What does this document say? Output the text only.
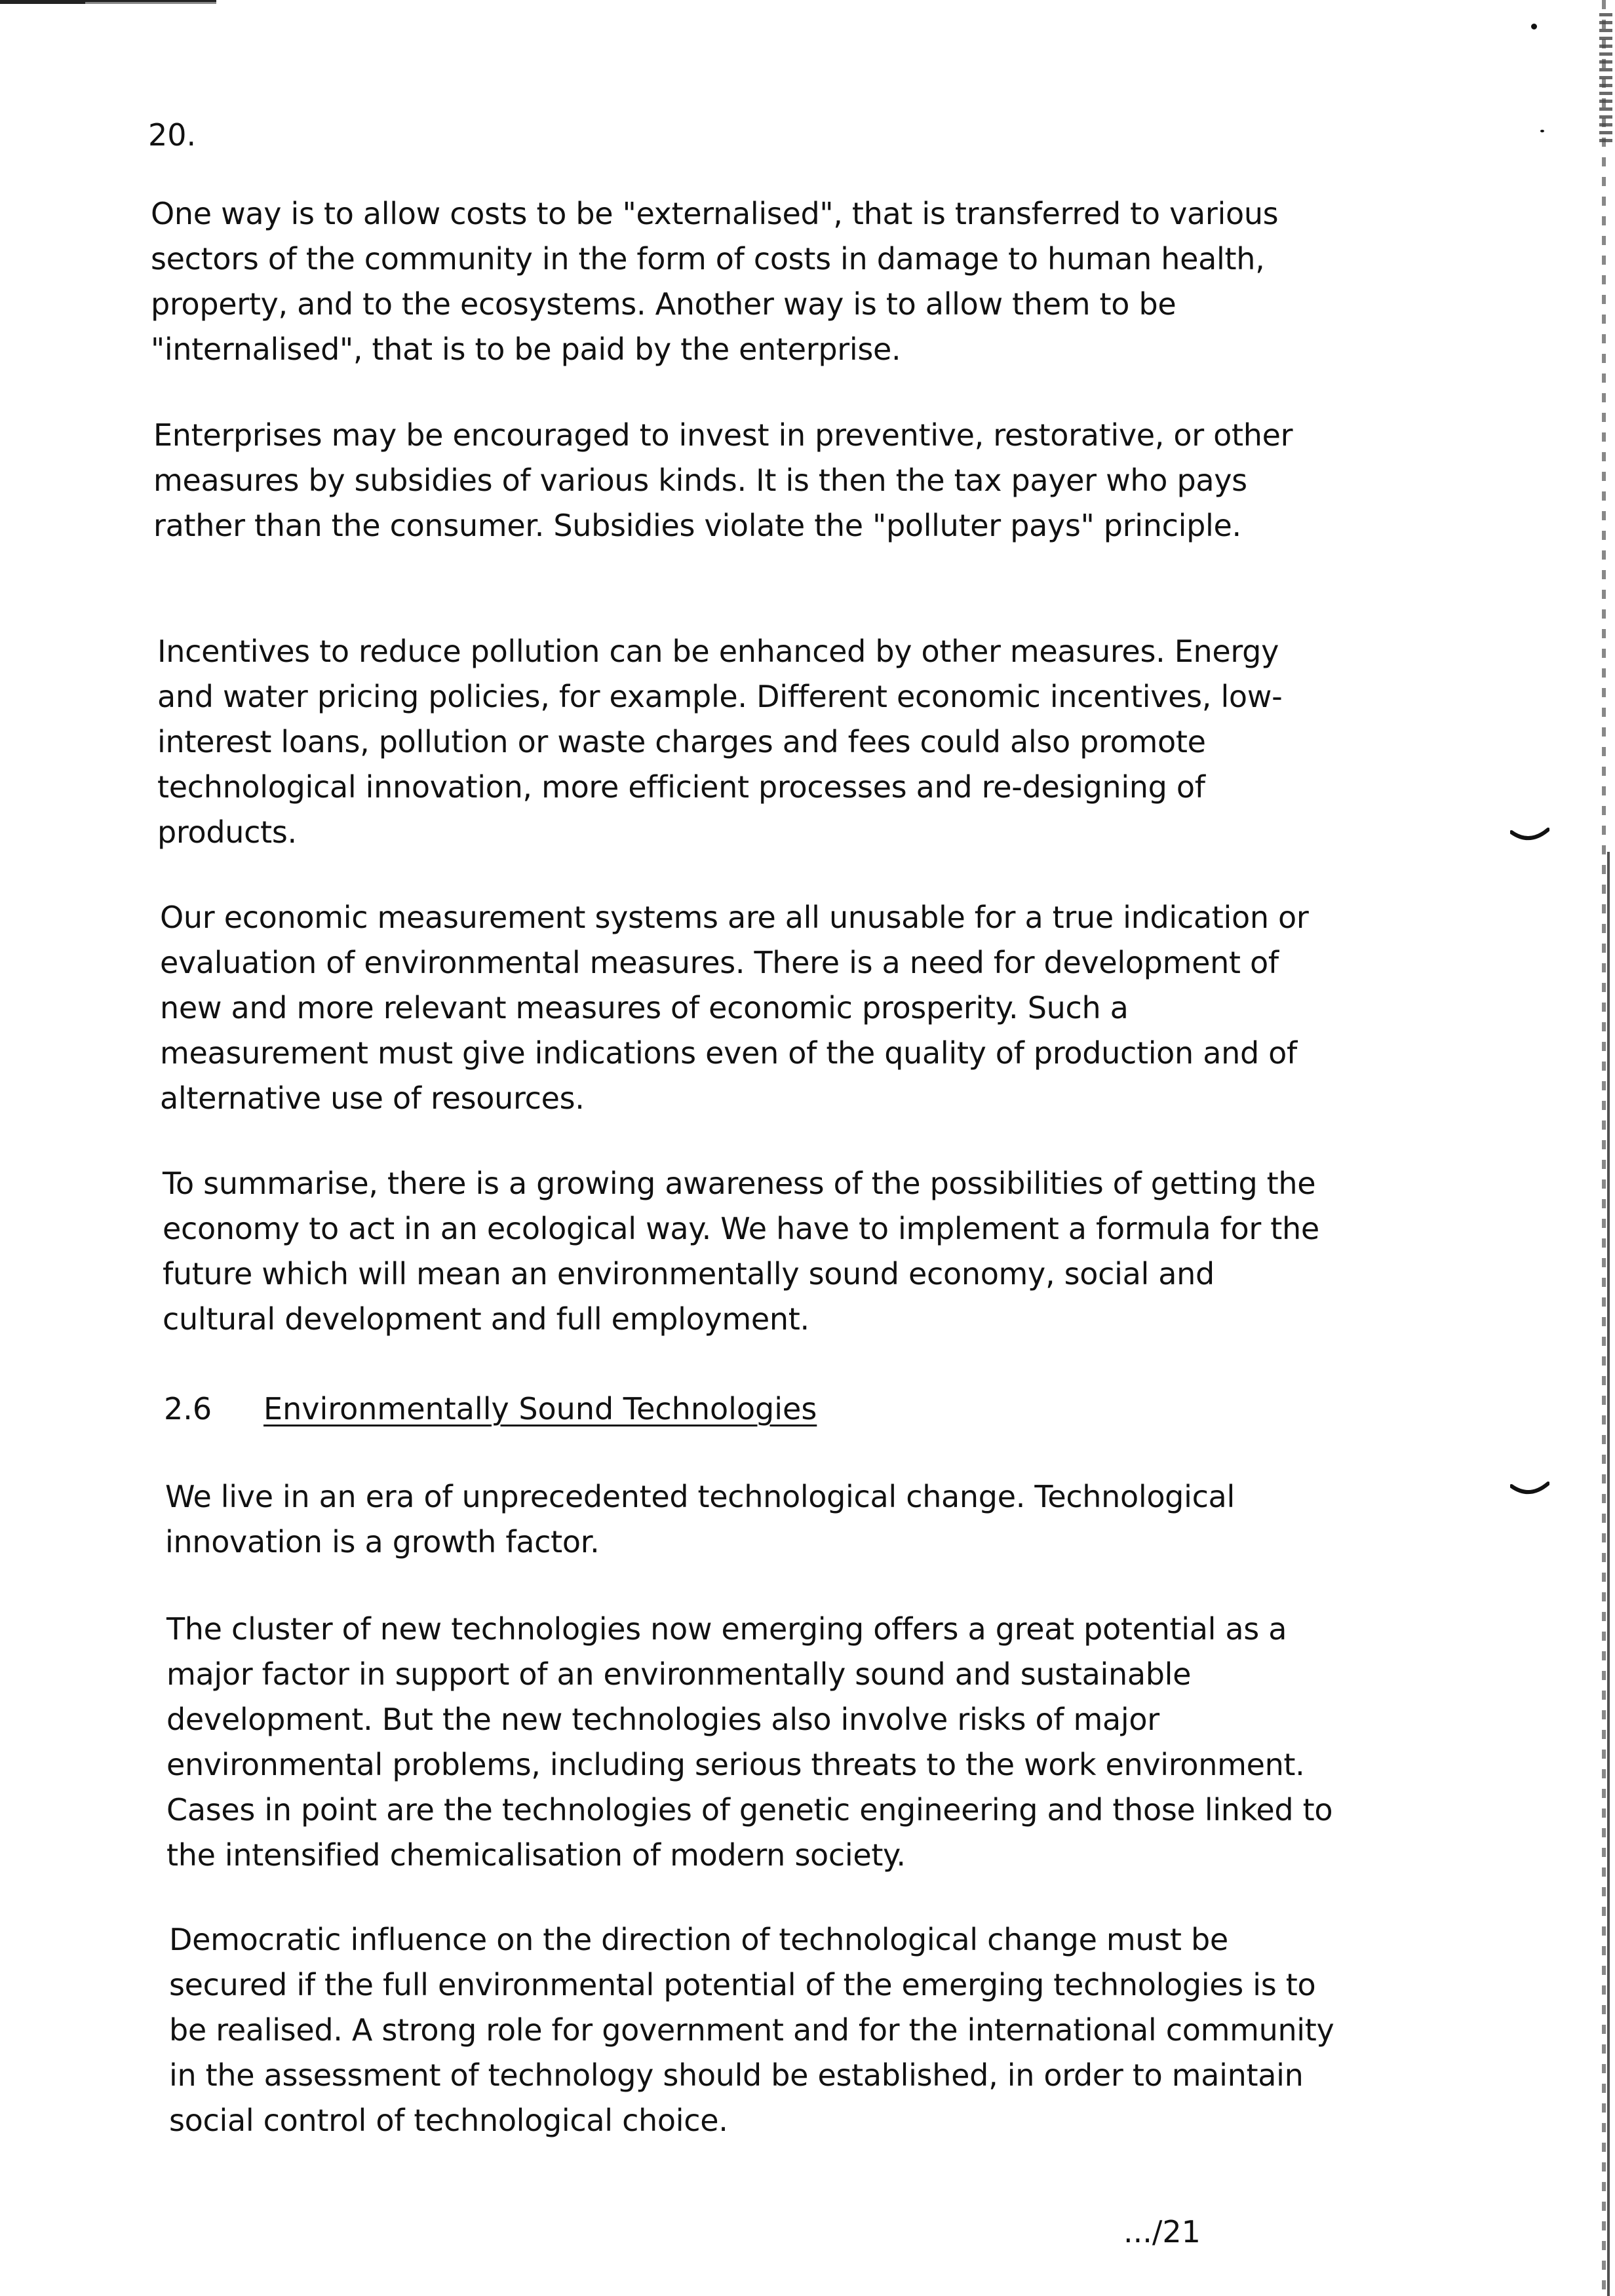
20.

One way is to allow costs to be "externalised", that is transferred to various sectors of the community in the form of costs in damage to human health, property, and to the ecosystems. Another way is to allow them to be "internalised", that is to be paid by the enterprise.

Enterprises may be encouraged to invest in preventive, restorative, or other measures by subsidies of various kinds. It is then the tax payer who pays rather than the consumer. Subsidies violate the "polluter pays" principle.

Incentives to reduce pollution can be enhanced by other measures. Energy and water pricing policies, for example. Different economic incentives, low-interest loans, pollution or waste charges and fees could also promote technological innovation, more efficient processes and re-designing of products.

Our economic measurement systems are all unusable for a true indication or evaluation of environmental measures. There is a need for development of new and more relevant measures of economic prosperity. Such a measurement must give indications even of the quality of production and of alternative use of resources.

To summarise, there is a growing awareness of the possibilities of getting the economy to act in an ecological way. We have to implement a formula for the future which will mean an environmentally sound economy, social and cultural development and full employment.

2.6	Environmentally Sound Technologies

We live in an era of unprecedented technological change. Technological innovation is a growth factor.

The cluster of new technologies now emerging offers a great potential as a major factor in support of an environmentally sound and sustainable development. But the new technologies also involve risks of major environmental problems, including serious threats to the work environment. Cases in point are the technologies of genetic engineering and those linked to the intensified chemicalisation of modern society.

Democratic influence on the direction of technological change must be secured if the full environmental potential of the emerging technologies is to be realised. A strong role for government and for the international community in the assessment of technology should be established, in order to maintain social control of technological choice.

.../21
